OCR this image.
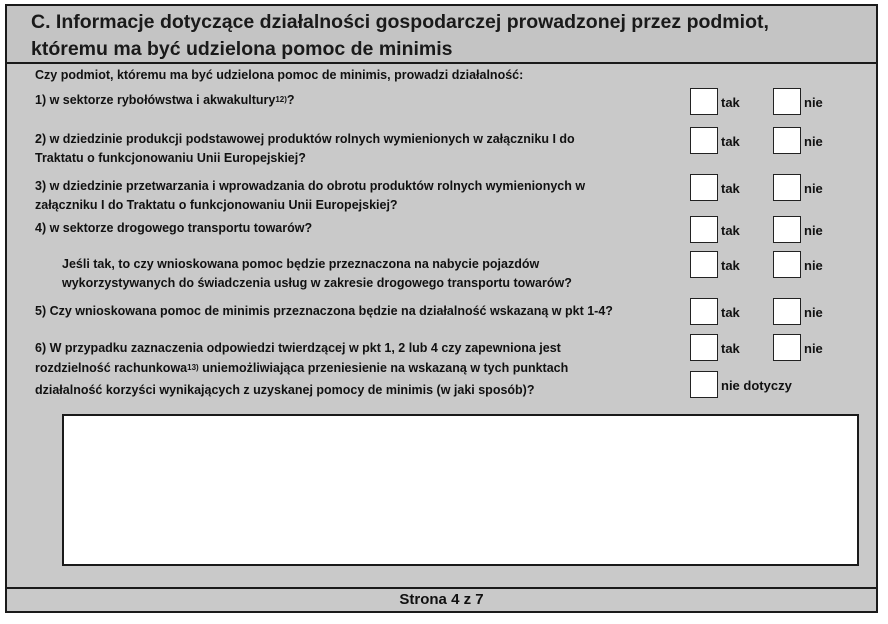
C. Informacje dotyczące działalności gospodarczej prowadzonej przez podmiot,
któremu ma być udzielona pomoc de minimis
Czy podmiot, któremu ma być udzielona pomoc de minimis, prowadzi działalność:
1) w sektorze rybołówstwa i akwakultury$^{12)}$?	tak	nie
2) w dziedzinie produkcji podstawowej produktów rolnych wymienionych w załączniku I do
Traktatu o funkcjonowaniu Unii Europejskiej?
tak	nie
3) w dziedzinie przetwarzania i wprowadzania do obrotu produktów rolnych wymienionych w
załączniku I do Traktatu o funkcjonowaniu Unii Europejskiej?
tak	nie
4) w sektorze drogowego transportu towarów?	tak	nie
Jeśli tak, to czy wnioskowana pomoc będzie przeznaczona na nabycie pojazdów
wykorzystywanych do świadczenia usług w zakresie drogowego transportu towarów?
tak	nie
5) Czy wnioskowana pomoc de minimis przeznaczona będzie na działalność wskazaną w pkt 1-4?	tak	nie
6) W przypadku zaznaczenia odpowiedzi twierdzącej w pkt 1, 2 lub 4 czy zapewniona jest
rozdzielność rachunkowa$^{13)}$ uniemożliwiająca przeniesienie na wskazaną w tych punktach
działalność korzyści wynikających z uzyskanej pomocy de minimis (w jaki sposób)?
tak	nie
nie dotyczy
Strona 4 z 7
